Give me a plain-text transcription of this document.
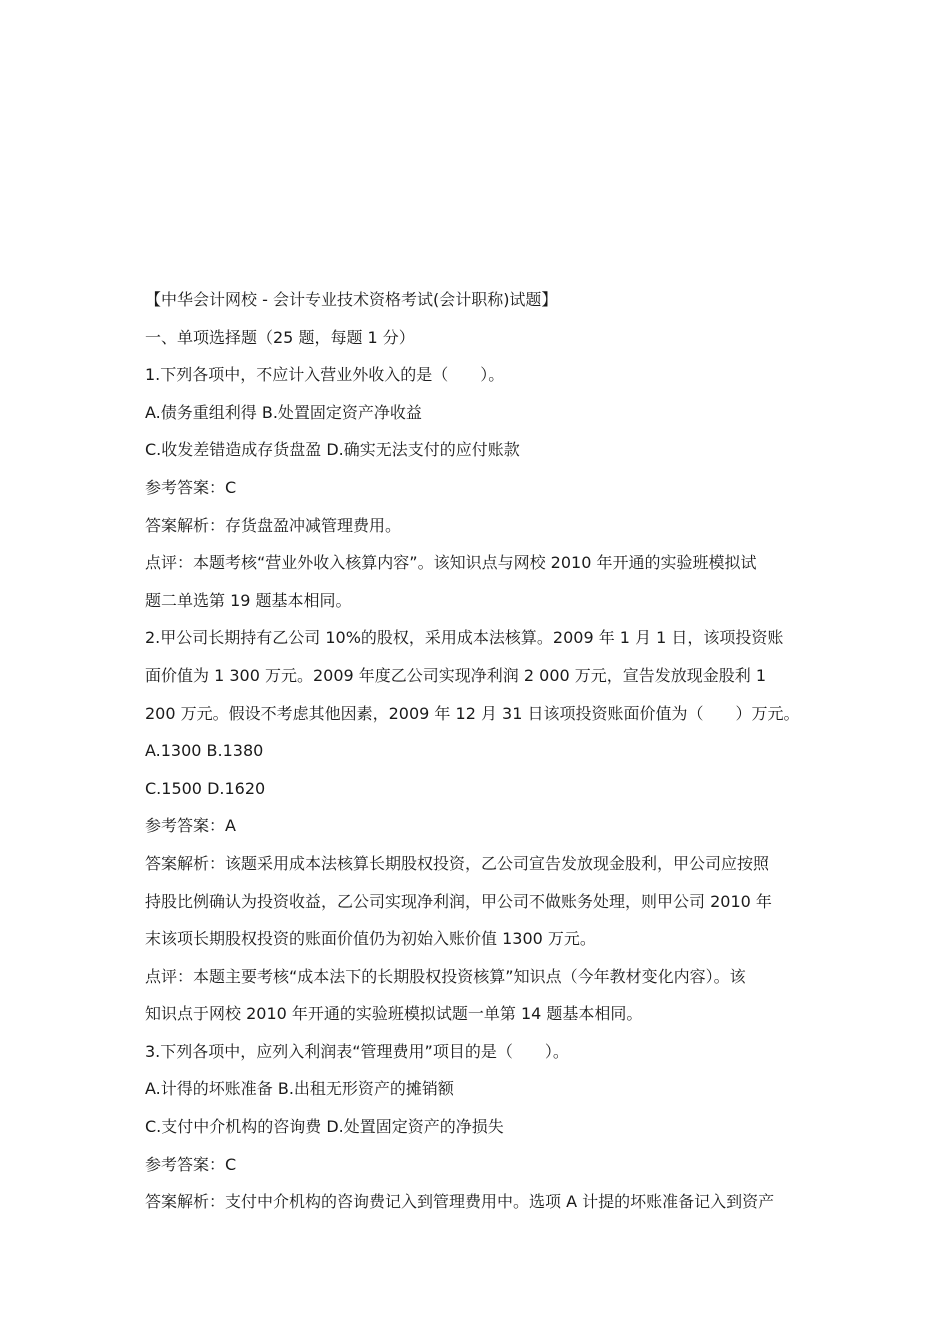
【中华会计网校 - 会计专业技术资格考试(会计职称)试题】
一、单项选择题（25 题，每题 1 分）
1.下列各项中，不应计入营业外收入的是（　　）。
A.债务重组利得 B.处置固定资产净收益
C.收发差错造成存货盘盈 D.确实无法支付的应付账款
参考答案：C
答案解析：存货盘盈冲减管理费用。
点评：本题考核“营业外收入核算内容”。该知识点与网校 2010 年开通的实验班模拟试
题二单选第 19 题基本相同。
2.甲公司长期持有乙公司 10%的股权，采用成本法核算。2009 年 1 月 1 日，该项投资账
面价值为 1 300 万元。2009 年度乙公司实现净利润 2 000 万元，宣告发放现金股利 1
200 万元。假设不考虑其他因素，2009 年 12 月 31 日该项投资账面价值为（　　）万元。
A.1300 B.1380
C.1500 D.1620
参考答案：A
答案解析：该题采用成本法核算长期股权投资，乙公司宣告发放现金股利，甲公司应按照
持股比例确认为投资收益，乙公司实现净利润，甲公司不做账务处理，则甲公司 2010 年
末该项长期股权投资的账面价值仍为初始入账价值 1300 万元。
点评：本题主要考核“成本法下的长期股权投资核算”知识点（今年教材变化内容）。该
知识点于网校 2010 年开通的实验班模拟试题一单第 14 题基本相同。
3.下列各项中，应列入利润表“管理费用”项目的是（　　）。
A.计得的坏账准备 B.出租无形资产的摊销额
C.支付中介机构的咨询费 D.处置固定资产的净损失
参考答案：C
答案解析：支付中介机构的咨询费记入到管理费用中。选项 A 计提的坏账准备记入到资产
